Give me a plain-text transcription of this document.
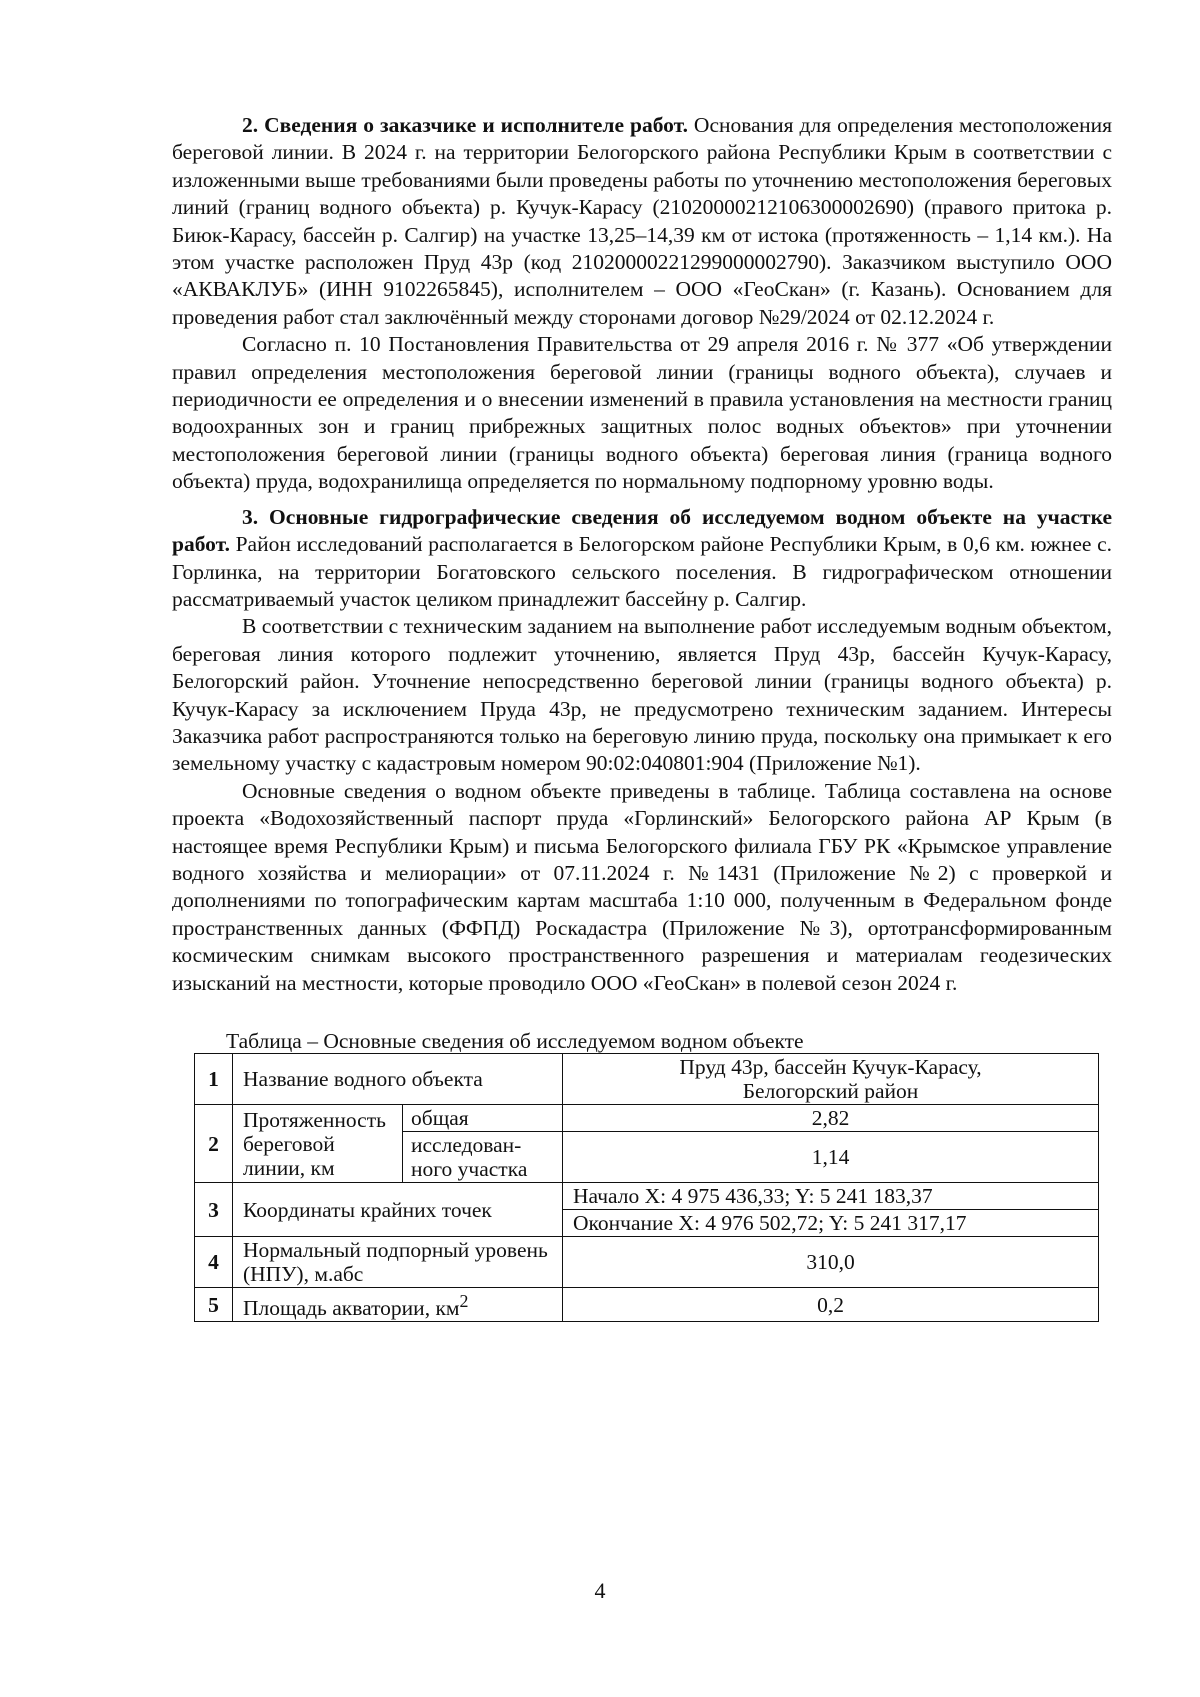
2. Сведения о заказчике и исполнителе работ. Основания для определения местоположения береговой линии. В 2024 г. на территории Белогорского района Республики Крым в соответствии с изложенными выше требованиями были проведены работы по уточнению местоположения береговых линий (границ водного объекта) р. Кучук-Карасу (21020000212106300002690) (правого притока р. Биюк-Карасу, бассейн р. Салгир) на участке 13,25–14,39 км от истока (протяженность – 1,14 км.). На этом участке расположен Пруд 43р (код 21020000221299000002790). Заказчиком выступило ООО «АКВАКЛУБ» (ИНН 9102265845), исполнителем – ООО «ГеоСкан» (г. Казань). Основанием для проведения работ стал заключённый между сторонами договор №29/2024 от 02.12.2024 г.

Согласно п. 10 Постановления Правительства от 29 апреля 2016 г. № 377 «Об утверждении правил определения местоположения береговой линии (границы водного объекта), случаев и периодичности ее определения и о внесении изменений в правила установления на местности границ водоохранных зон и границ прибрежных защитных полос водных объектов» при уточнении местоположения береговой линии (границы водного объекта) береговая линия (граница водного объекта) пруда, водохранилища определяется по нормальному подпорному уровню воды.

3. Основные гидрографические сведения об исследуемом водном объекте на участке работ. Район исследований располагается в Белогорском районе Республики Крым, в 0,6 км. южнее с. Горлинка, на территории Богатовского сельского поселения. В гидрографическом отношении рассматриваемый участок целиком принадлежит бассейну р. Салгир.

В соответствии с техническим заданием на выполнение работ исследуемым водным объектом, береговая линия которого подлежит уточнению, является Пруд 43р, бассейн Кучук-Карасу, Белогорский район. Уточнение непосредственно береговой линии (границы водного объекта) р. Кучук-Карасу за исключением Пруда 43р, не предусмотрено техническим заданием. Интересы Заказчика работ распространяются только на береговую линию пруда, поскольку она примыкает к его земельному участку с кадастровым номером 90:02:040801:904 (Приложение №1).

Основные сведения о водном объекте приведены в таблице. Таблица составлена на основе проекта «Водохозяйственный паспорт пруда «Горлинский» Белогорского района АР Крым (в настоящее время Республики Крым) и письма Белогорского филиала ГБУ РК «Крымское управление водного хозяйства и мелиорации» от 07.11.2024 г. №1431 (Приложение №2) с проверкой и дополнениями по топографическим картам масштаба 1:10 000, полученным в Федеральном фонде пространственных данных (ФФПД) Роскадастра (Приложение №3), ортотрансформированным космическим снимкам высокого пространственного разрешения и материалам геодезических изысканий на местности, которые проводило ООО «ГеоСкан» в полевой сезон 2024 г.

Таблица – Основные сведения об исследуемом водном объекте

1	Название водного объекта		Пруд 43р, бассейн Кучук-Карасу,
Белогорский район
2	Протяженность береговой линии, км	общая	2,82
		исследован-ного участка	1,14
3	Координаты крайних точек		Начало X: 4 975 436,33; Y: 5 241 183,37
			Окончание X: 4 976 502,72; Y: 5 241 317,17
4	Нормальный подпорный уровень (НПУ), м.абс		310,0
5	Площадь акватории, $км^2$		0,2
4
